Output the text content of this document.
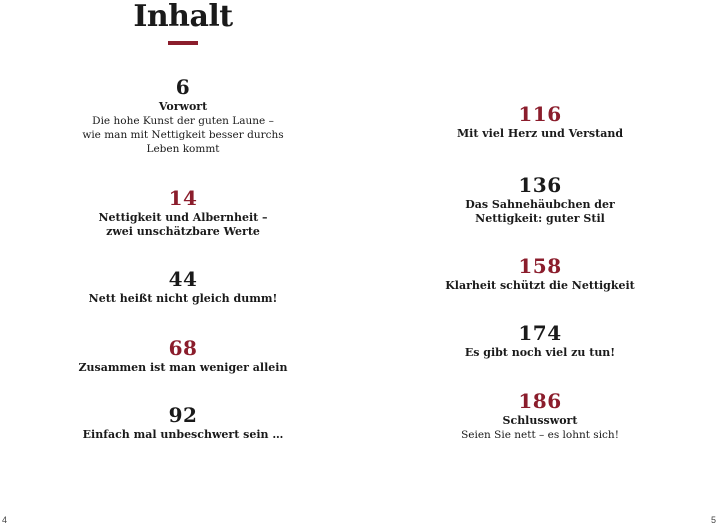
Inhalt
6
Vorwort
Die hohe Kunst der guten Laune –
wie man mit Nettigkeit besser durchs
Leben kommt
14
Nettigkeit und Albernheit –
zwei unschätzbare Werte
44
Nett heißt nicht gleich dumm!
68
Zusammen ist man weniger allein
92
Einfach mal unbeschwert sein …
116
Mit viel Herz und Verstand
136
Das Sahnehäubchen der
Nettigkeit: guter Stil
158
Klarheit schützt die Nettigkeit
174
Es gibt noch viel zu tun!
186
Schlusswort
Seien Sie nett – es lohnt sich!
4	5
